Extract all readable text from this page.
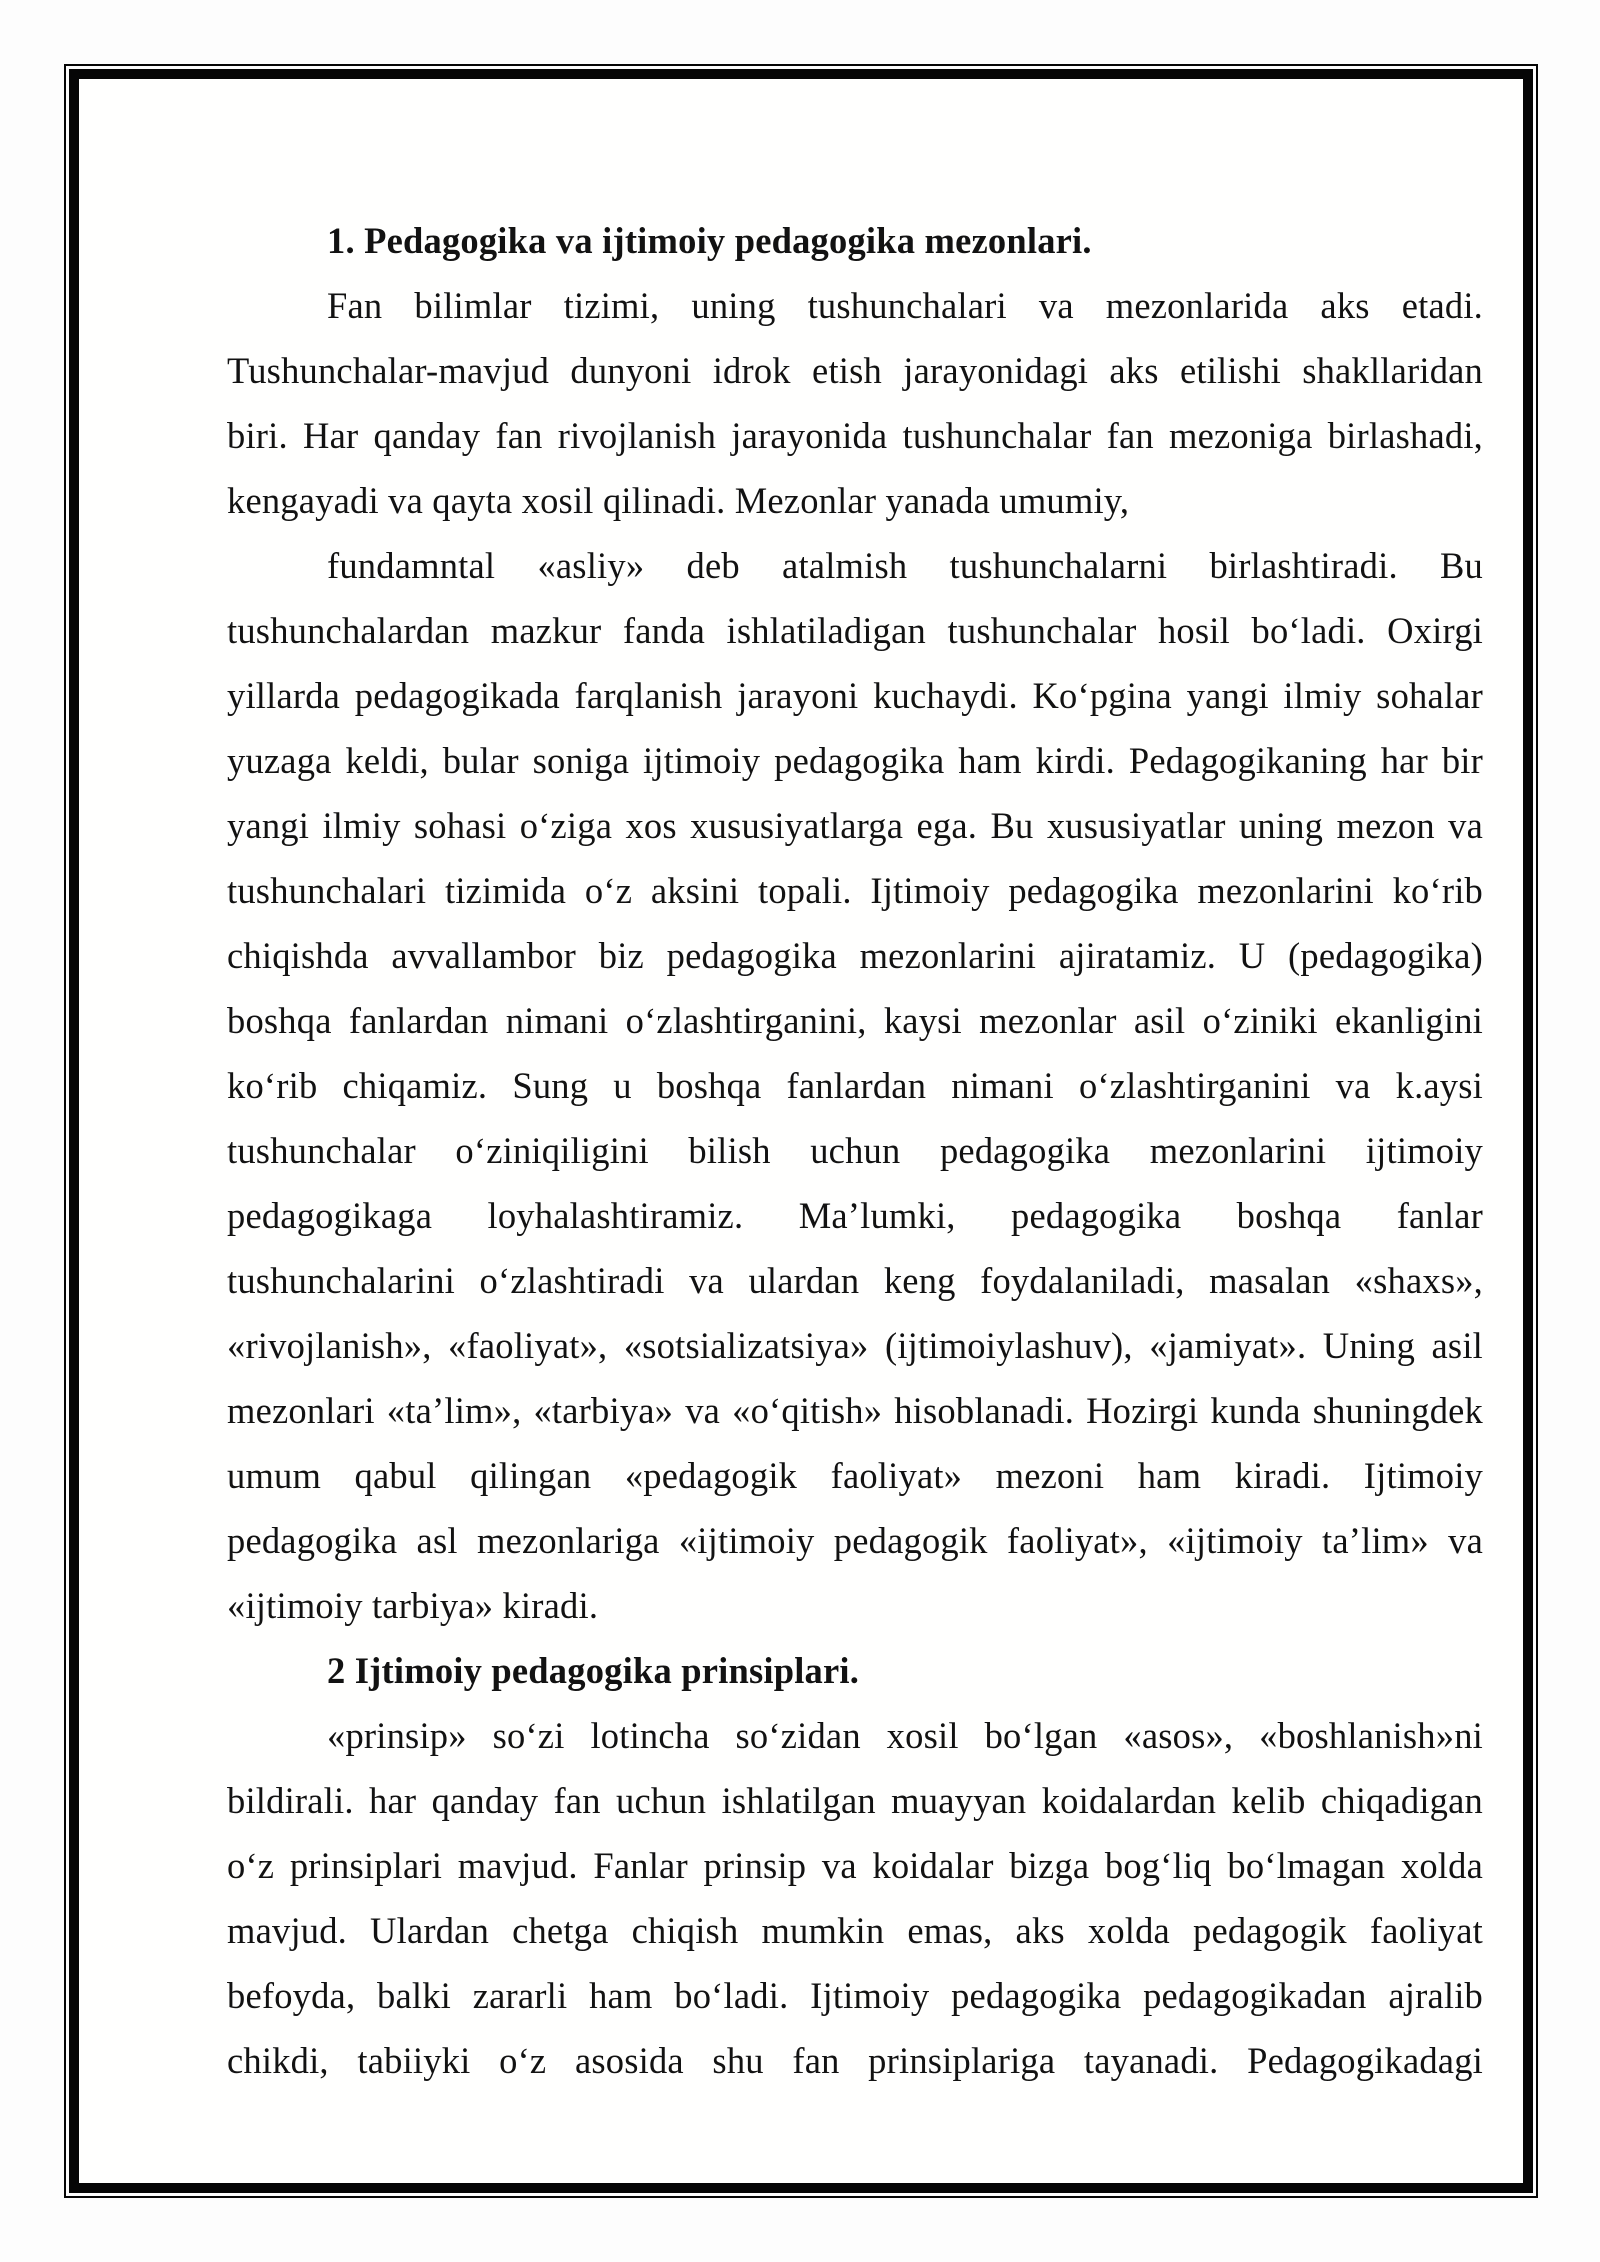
1. Pedagogika va ijtimoiy pedagogika mezonlari.
Fan bilimlar tizimi, uning tushunchalari va mezonlarida aks etadi.
Tushunchalar-mavjud dunyoni idrok etish jarayonidagi aks etilishi shakllaridan
biri. Har qanday fan rivojlanish jarayonida tushunchalar fan mezoniga birlashadi,
kengayadi va qayta xosil qilinadi. Mezonlar yanada umumiy,
fundamntal «asliy» deb atalmish tushunchalarni birlashtiradi. Bu
tushunchalardan mazkur fanda ishlatiladigan tushunchalar hosil bo‘ladi. Oxirgi
yillarda pedagogikada farqlanish jarayoni kuchaydi. Ko‘pgina yangi ilmiy sohalar
yuzaga keldi, bular soniga ijtimoiy pedagogika ham kirdi. Pedagogikaning har bir
yangi ilmiy sohasi o‘ziga xos xususiyatlarga ega. Bu xususiyatlar uning mezon va
tushunchalari tizimida o‘z aksini topali. Ijtimoiy pedagogika mezonlarini ko‘rib
chiqishda avvallambor biz pedagogika mezonlarini ajiratamiz. U (pedagogika)
boshqa fanlardan nimani o‘zlashtirganini, kaysi mezonlar asil o‘ziniki ekanligini
ko‘rib chiqamiz. Sung u boshqa fanlardan nimani o‘zlashtirganini va k.aysi
tushunchalar o‘ziniqiligini bilish uchun pedagogika mezonlarini ijtimoiy
pedagogikaga loyhalashtiramiz. Ma’lumki, pedagogika boshqa fanlar
tushunchalarini o‘zlashtiradi va ulardan keng foydalaniladi, masalan «shaxs»,
«rivojlanish», «faoliyat», «sotsializatsiya» (ijtimoiylashuv), «jamiyat». Uning asil
mezonlari «ta’lim», «tarbiya» va «o‘qitish» hisoblanadi. Hozirgi kunda shuningdek
umum qabul qilingan «pedagogik faoliyat» mezoni ham kiradi. Ijtimoiy
pedagogika asl mezonlariga «ijtimoiy pedagogik faoliyat», «ijtimoiy ta’lim» va
«ijtimoiy tarbiya» kiradi.
2 Ijtimoiy pedagogika prinsiplari.
«prinsip» so‘zi lotincha so‘zidan xosil bo‘lgan «asos», «boshlanish»ni
bildirali. har qanday fan uchun ishlatilgan muayyan koidalardan kelib chiqadigan
o‘z prinsiplari mavjud. Fanlar prinsip va koidalar bizga bog‘liq bo‘lmagan xolda
mavjud. Ulardan chetga chiqish mumkin emas, aks xolda pedagogik faoliyat
befoyda, balki zararli ham bo‘ladi. Ijtimoiy pedagogika pedagogikadan ajralib
chikdi, tabiiyki o‘z asosida shu fan prinsiplariga tayanadi. Pedagogikadagi
